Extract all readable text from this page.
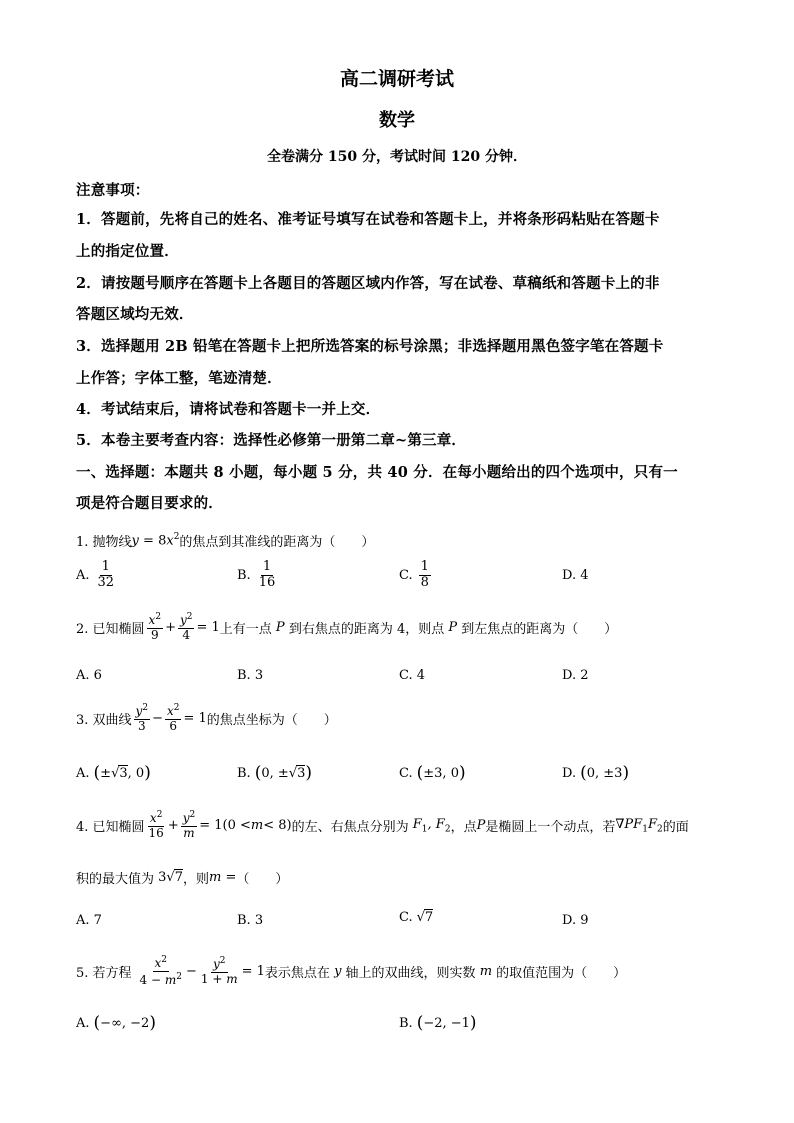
高二调研考试
数学
全卷满分 150 分，考试时间 120 分钟．
注意事项：
1．答题前，先将自己的姓名、准考证号填写在试卷和答题卡上，并将条形码粘贴在答题卡
上的指定位置．
2．请按题号顺序在答题卡上各题目的答题区域内作答，写在试卷、草稿纸和答题卡上的非
答题区域均无效．
3．选择题用 2B 铅笔在答题卡上把所选答案的标号涂黑；非选择题用黑色签字笔在答题卡
上作答；字体工整，笔迹清楚．
4．考试结束后，请将试卷和答题卡一并上交．
5．本卷主要考查内容：选择性必修第一册第二章~第三章．
一、选择题：本题共 8 小题，每小题 5 分，共 40 分．在每小题给出的四个选项中，只有一
项是符合题目要求的．
1. 抛物线 $y = 8x^2$ 的焦点到其准线的距离为（　　）
A. $\frac{1}{32}$	B. $\frac{1}{16}$	C. $\frac{1}{8}$	D. 4
2. 已知椭圆 $\frac{x^2}{9} + \frac{y^2}{4} = 1$ 上有一点 P 到右焦点的距离为 4，则点 P 到左焦点的距离为（　　）
A. 6	B. 3	C. 4	D. 2
3. 双曲线 $\frac{y^2}{3} - \frac{x^2}{6} = 1$ 的焦点坐标为（　　）
A. ( ± √ 3 , 0 )	B. ( 0, ± √ 3 )	C. ( ±3, 0 )	D. ( 0, ±3 )
4. 已知椭圆 $\frac{x^2}{16} + \frac{y^2}{m} = 1(0 < m < 8)$ 的左、右焦点分别为 $F_1$, $F_2$ ，点 P 是椭圆上一个动点，若 $\nabla PF_1F_2$ 的面
积的最大值为 3√7 ，则 m = （　　）
A. 7	B. 3	C. √7	D. 9
5. 若方程 $\frac{x^2}{4 - m^2} - \frac{y^2}{1 + m} = 1$ 表示焦点在 y 轴上的双曲线，则实数 m 的取值范围为（　　）
A. ( −∞, −2 )	B. ( −2, −1 )
